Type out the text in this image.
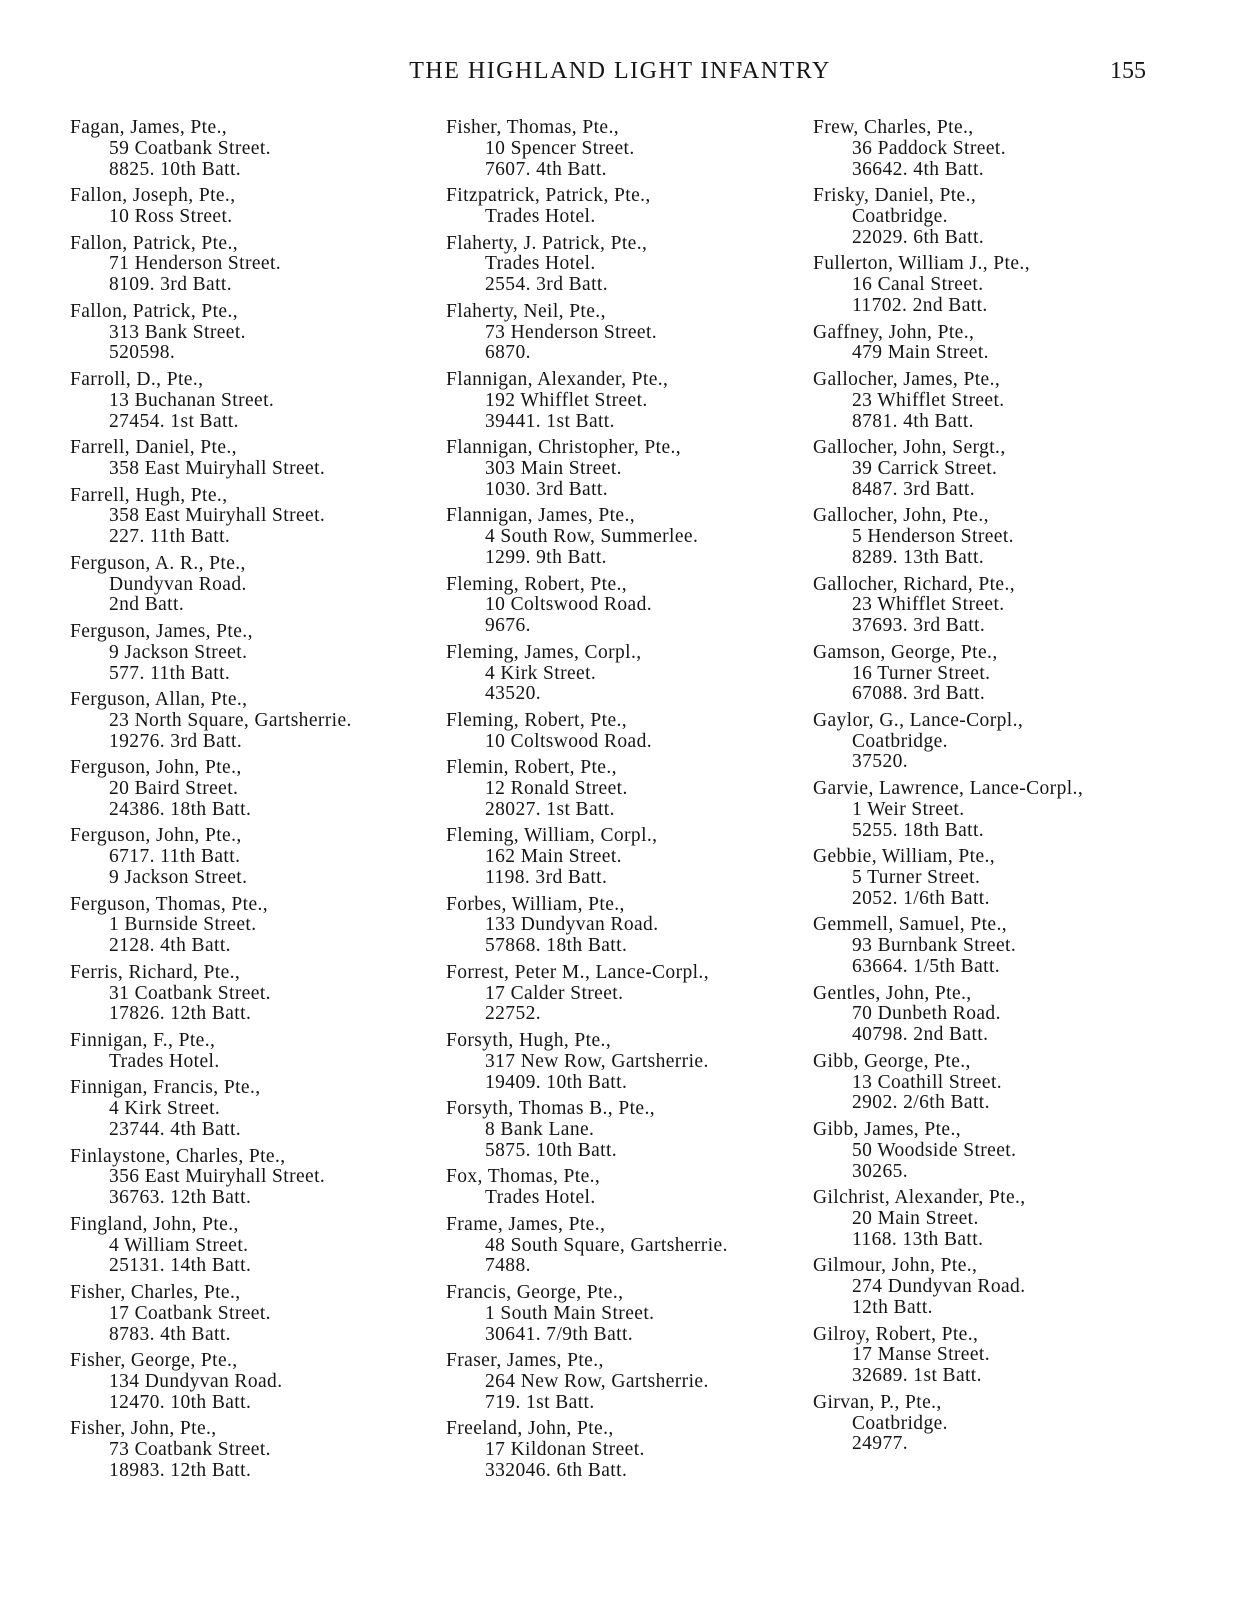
THE HIGHLAND LIGHT INFANTRY	155
Fagan, James, Pte.,
59 Coatbank Street.
8825. 10th Batt.
Fallon, Joseph, Pte.,
10 Ross Street.
Fallon, Patrick, Pte.,
71 Henderson Street.
8109. 3rd Batt.
Fallon, Patrick, Pte.,
313 Bank Street.
520598.
Farroll, D., Pte.,
13 Buchanan Street.
27454. 1st Batt.
Farrell, Daniel, Pte.,
358 East Muiryhall Street.
Farrell, Hugh, Pte.,
358 East Muiryhall Street.
227. 11th Batt.
Ferguson, A. R., Pte.,
Dundyvan Road.
2nd Batt.
Ferguson, James, Pte.,
9 Jackson Street.
577. 11th Batt.
Ferguson, Allan, Pte.,
23 North Square, Gartsherrie.
19276. 3rd Batt.
Ferguson, John, Pte.,
20 Baird Street.
24386. 18th Batt.
Ferguson, John, Pte.,
6717. 11th Batt.
9 Jackson Street.
Ferguson, Thomas, Pte.,
1 Burnside Street.
2128. 4th Batt.
Ferris, Richard, Pte.,
31 Coatbank Street.
17826. 12th Batt.
Finnigan, F., Pte.,
Trades Hotel.
Finnigan, Francis, Pte.,
4 Kirk Street.
23744. 4th Batt.
Finlaystone, Charles, Pte.,
356 East Muiryhall Street.
36763. 12th Batt.
Fingland, John, Pte.,
4 William Street.
25131. 14th Batt.
Fisher, Charles, Pte.,
17 Coatbank Street.
8783. 4th Batt.
Fisher, George, Pte.,
134 Dundyvan Road.
12470. 10th Batt.
Fisher, John, Pte.,
73 Coatbank Street.
18983. 12th Batt.
Fisher, Thomas, Pte.,
10 Spencer Street.
7607. 4th Batt.
Fitzpatrick, Patrick, Pte.,
Trades Hotel.
Flaherty, J. Patrick, Pte.,
Trades Hotel.
2554. 3rd Batt.
Flaherty, Neil, Pte.,
73 Henderson Street.
6870.
Flannigan, Alexander, Pte.,
192 Whifflet Street.
39441. 1st Batt.
Flannigan, Christopher, Pte.,
303 Main Street.
1030. 3rd Batt.
Flannigan, James, Pte.,
4 South Row, Summerlee.
1299. 9th Batt.
Fleming, Robert, Pte.,
10 Coltswood Road.
9676.
Fleming, James, Corpl.,
4 Kirk Street.
43520.
Fleming, Robert, Pte.,
10 Coltswood Road.
Flemin, Robert, Pte.,
12 Ronald Street.
28027. 1st Batt.
Fleming, William, Corpl.,
162 Main Street.
1198. 3rd Batt.
Forbes, William, Pte.,
133 Dundyvan Road.
57868. 18th Batt.
Forrest, Peter M., Lance-Corpl.,
17 Calder Street.
22752.
Forsyth, Hugh, Pte.,
317 New Row, Gartsherrie.
19409. 10th Batt.
Forsyth, Thomas B., Pte.,
8 Bank Lane.
5875. 10th Batt.
Fox, Thomas, Pte.,
Trades Hotel.
Frame, James, Pte.,
48 South Square, Gartsherrie.
7488.
Francis, George, Pte.,
1 South Main Street.
30641. 7/9th Batt.
Fraser, James, Pte.,
264 New Row, Gartsherrie.
719. 1st Batt.
Freeland, John, Pte.,
17 Kildonan Street.
332046. 6th Batt.
Frew, Charles, Pte.,
36 Paddock Street.
36642. 4th Batt.
Frisky, Daniel, Pte.,
Coatbridge.
22029. 6th Batt.
Fullerton, William J., Pte.,
16 Canal Street.
11702. 2nd Batt.
Gaffney, John, Pte.,
479 Main Street.
Gallocher, James, Pte.,
23 Whifflet Street.
8781. 4th Batt.
Gallocher, John, Sergt.,
39 Carrick Street.
8487. 3rd Batt.
Gallocher, John, Pte.,
5 Henderson Street.
8289. 13th Batt.
Gallocher, Richard, Pte.,
23 Whifflet Street.
37693. 3rd Batt.
Gamson, George, Pte.,
16 Turner Street.
67088. 3rd Batt.
Gaylor, G., Lance-Corpl.,
Coatbridge.
37520.
Garvie, Lawrence, Lance-Corpl.,
1 Weir Street.
5255. 18th Batt.
Gebbie, William, Pte.,
5 Turner Street.
2052. 1/6th Batt.
Gemmell, Samuel, Pte.,
93 Burnbank Street.
63664. 1/5th Batt.
Gentles, John, Pte.,
70 Dunbeth Road.
40798. 2nd Batt.
Gibb, George, Pte.,
13 Coathill Street.
2902. 2/6th Batt.
Gibb, James, Pte.,
50 Woodside Street.
30265.
Gilchrist, Alexander, Pte.,
20 Main Street.
1168. 13th Batt.
Gilmour, John, Pte.,
274 Dundyvan Road.
12th Batt.
Gilroy, Robert, Pte.,
17 Manse Street.
32689. 1st Batt.
Girvan, P., Pte.,
Coatbridge.
24977.
